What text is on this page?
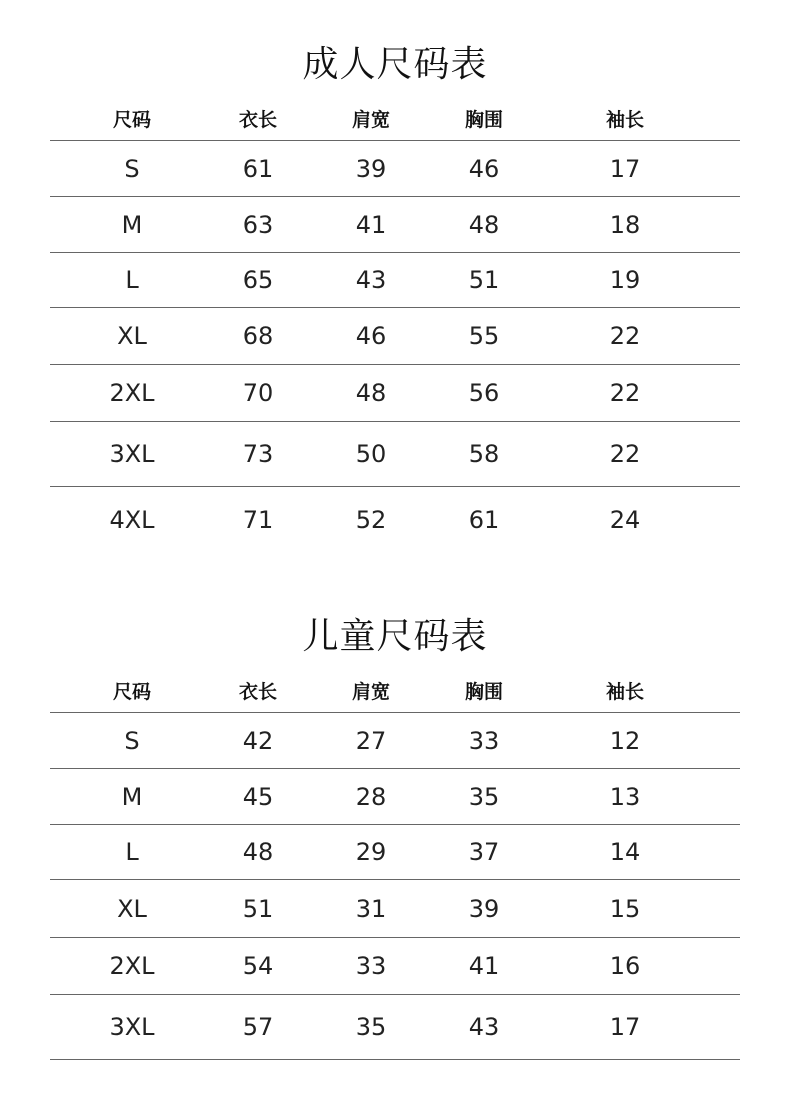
成人尺码表
尺码	衣长	肩宽	胸围	袖长
S	61	39	46	17
M	63	41	48	18
L	65	43	51	19
XL	68	46	55	22
2XL	70	48	56	22
3XL	73	50	58	22
4XL	71	52	61	24
儿童尺码表
尺码	衣长	肩宽	胸围	袖长
S	42	27	33	12
M	45	28	35	13
L	48	29	37	14
XL	51	31	39	15
2XL	54	33	41	16
3XL	57	35	43	17
